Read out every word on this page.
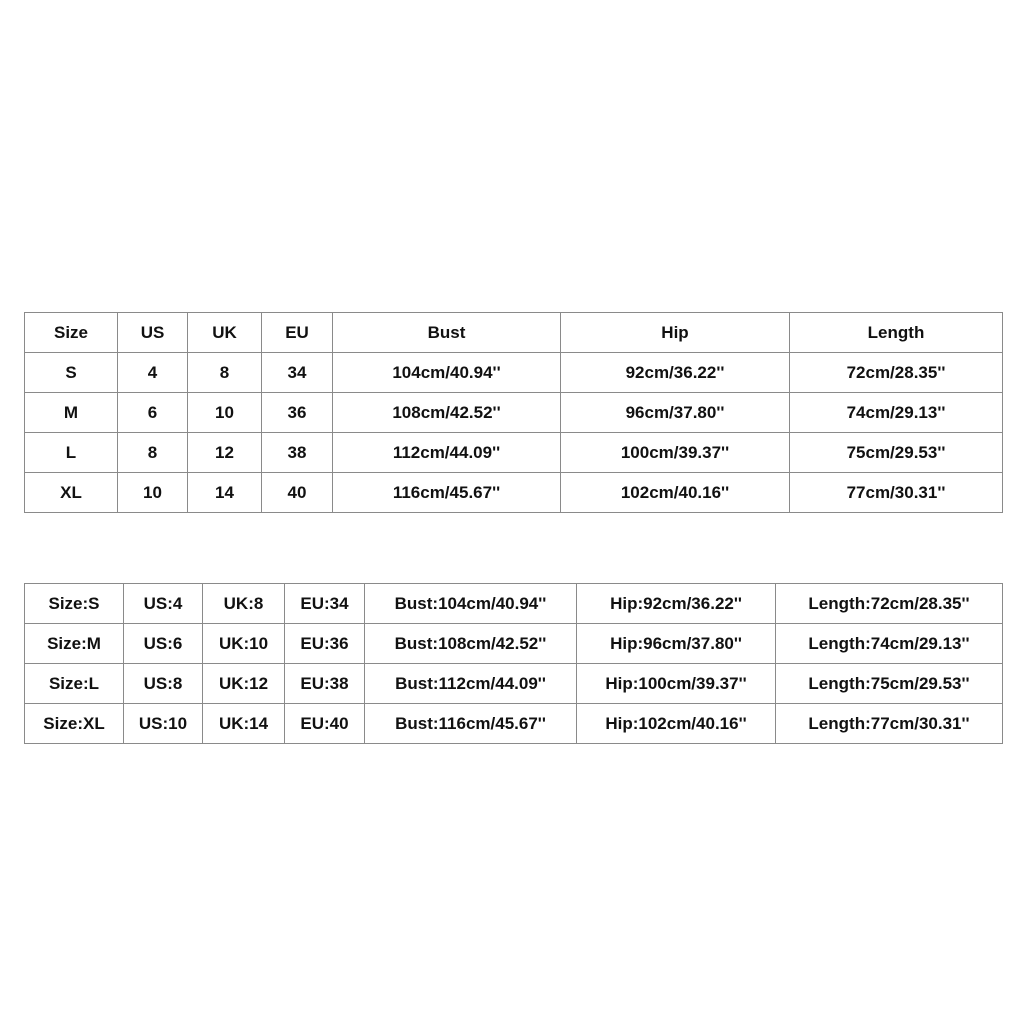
Size	US	UK	EU	Bust	Hip	Length
S	4	8	34	104cm/40.94''	92cm/36.22''	72cm/28.35''
M	6	10	36	108cm/42.52''	96cm/37.80''	74cm/29.13''
L	8	12	38	112cm/44.09''	100cm/39.37''	75cm/29.53''
XL	10	14	40	116cm/45.67''	102cm/40.16''	77cm/30.31''
Size:S	US:4	UK:8	EU:34	Bust:104cm/40.94''	Hip:92cm/36.22''	Length:72cm/28.35''
Size:M	US:6	UK:10	EU:36	Bust:108cm/42.52''	Hip:96cm/37.80''	Length:74cm/29.13''
Size:L	US:8	UK:12	EU:38	Bust:112cm/44.09''	Hip:100cm/39.37''	Length:75cm/29.53''
Size:XL	US:10	UK:14	EU:40	Bust:116cm/45.67''	Hip:102cm/40.16''	Length:77cm/30.31''
